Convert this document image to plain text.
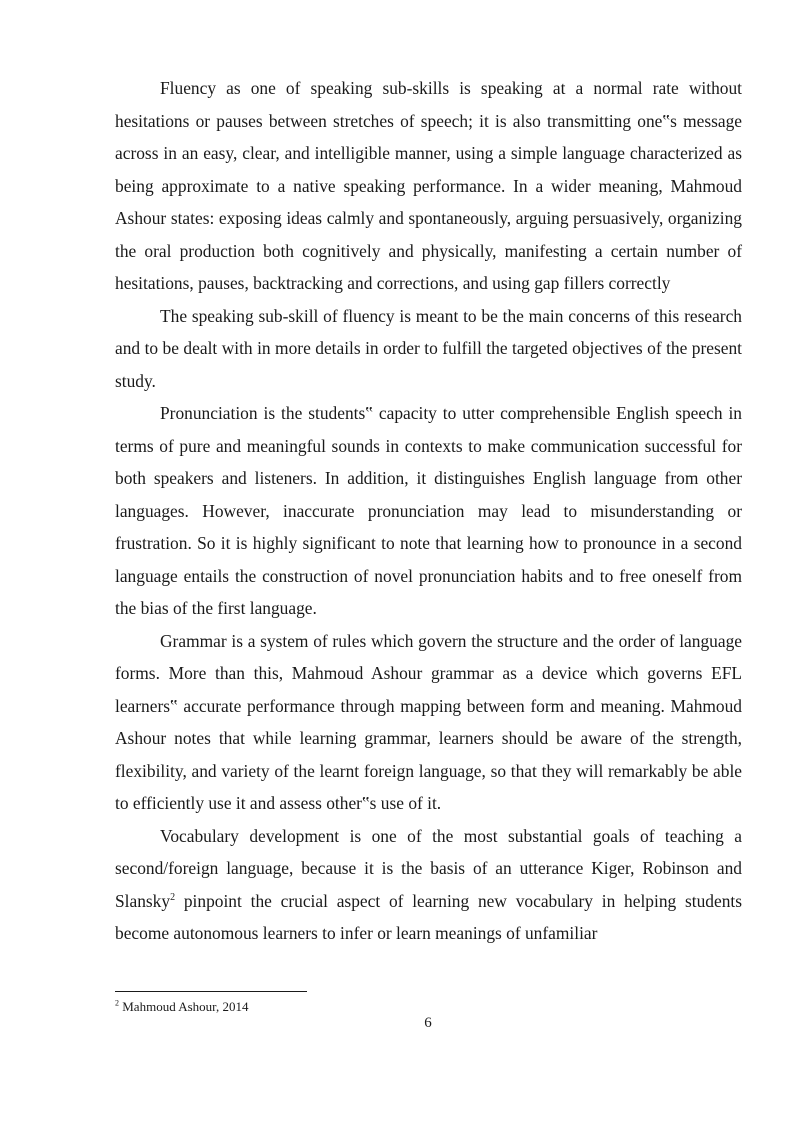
Fluency as one of speaking sub-skills is speaking at a normal rate without hesitations or pauses between stretches of speech; it is also transmitting one‟s message across in an easy, clear, and intelligible manner, using a simple language characterized as being approximate to a native speaking performance. In a wider meaning, Mahmoud Ashour states: exposing ideas calmly and spontaneously, arguing persuasively, organizing the oral production both cognitively and physically, manifesting a certain number of hesitations, pauses, backtracking and corrections, and using gap fillers correctly

The speaking sub-skill of fluency is meant to be the main concerns of this research and to be dealt with in more details in order to fulfill the targeted objectives of the present study.

Pronunciation is the students‟ capacity to utter comprehensible English speech in terms of pure and meaningful sounds in contexts to make communication successful for both speakers and listeners. In addition, it distinguishes English language from other languages. However, inaccurate pronunciation may lead to misunderstanding or frustration. So it is highly significant to note that learning how to pronounce in a second language entails the construction of novel pronunciation habits and to free oneself from the bias of the first language.

Grammar is a system of rules which govern the structure and the order of language forms. More than this, Mahmoud Ashour grammar as a device which governs EFL learners‟ accurate performance through mapping between form and meaning. Mahmoud Ashour notes that while learning grammar, learners should be aware of the strength, flexibility, and variety of the learnt foreign language, so that they will remarkably be able to efficiently use it and assess other‟s use of it.

Vocabulary development is one of the most substantial goals of teaching a second/foreign language, because it is the basis of an utterance Kiger, Robinson and Slansky$^2$ pinpoint the crucial aspect of learning new vocabulary in helping students become autonomous learners to infer or learn meanings of unfamiliar

$^2$ Mahmoud Ashour, 2014
6
